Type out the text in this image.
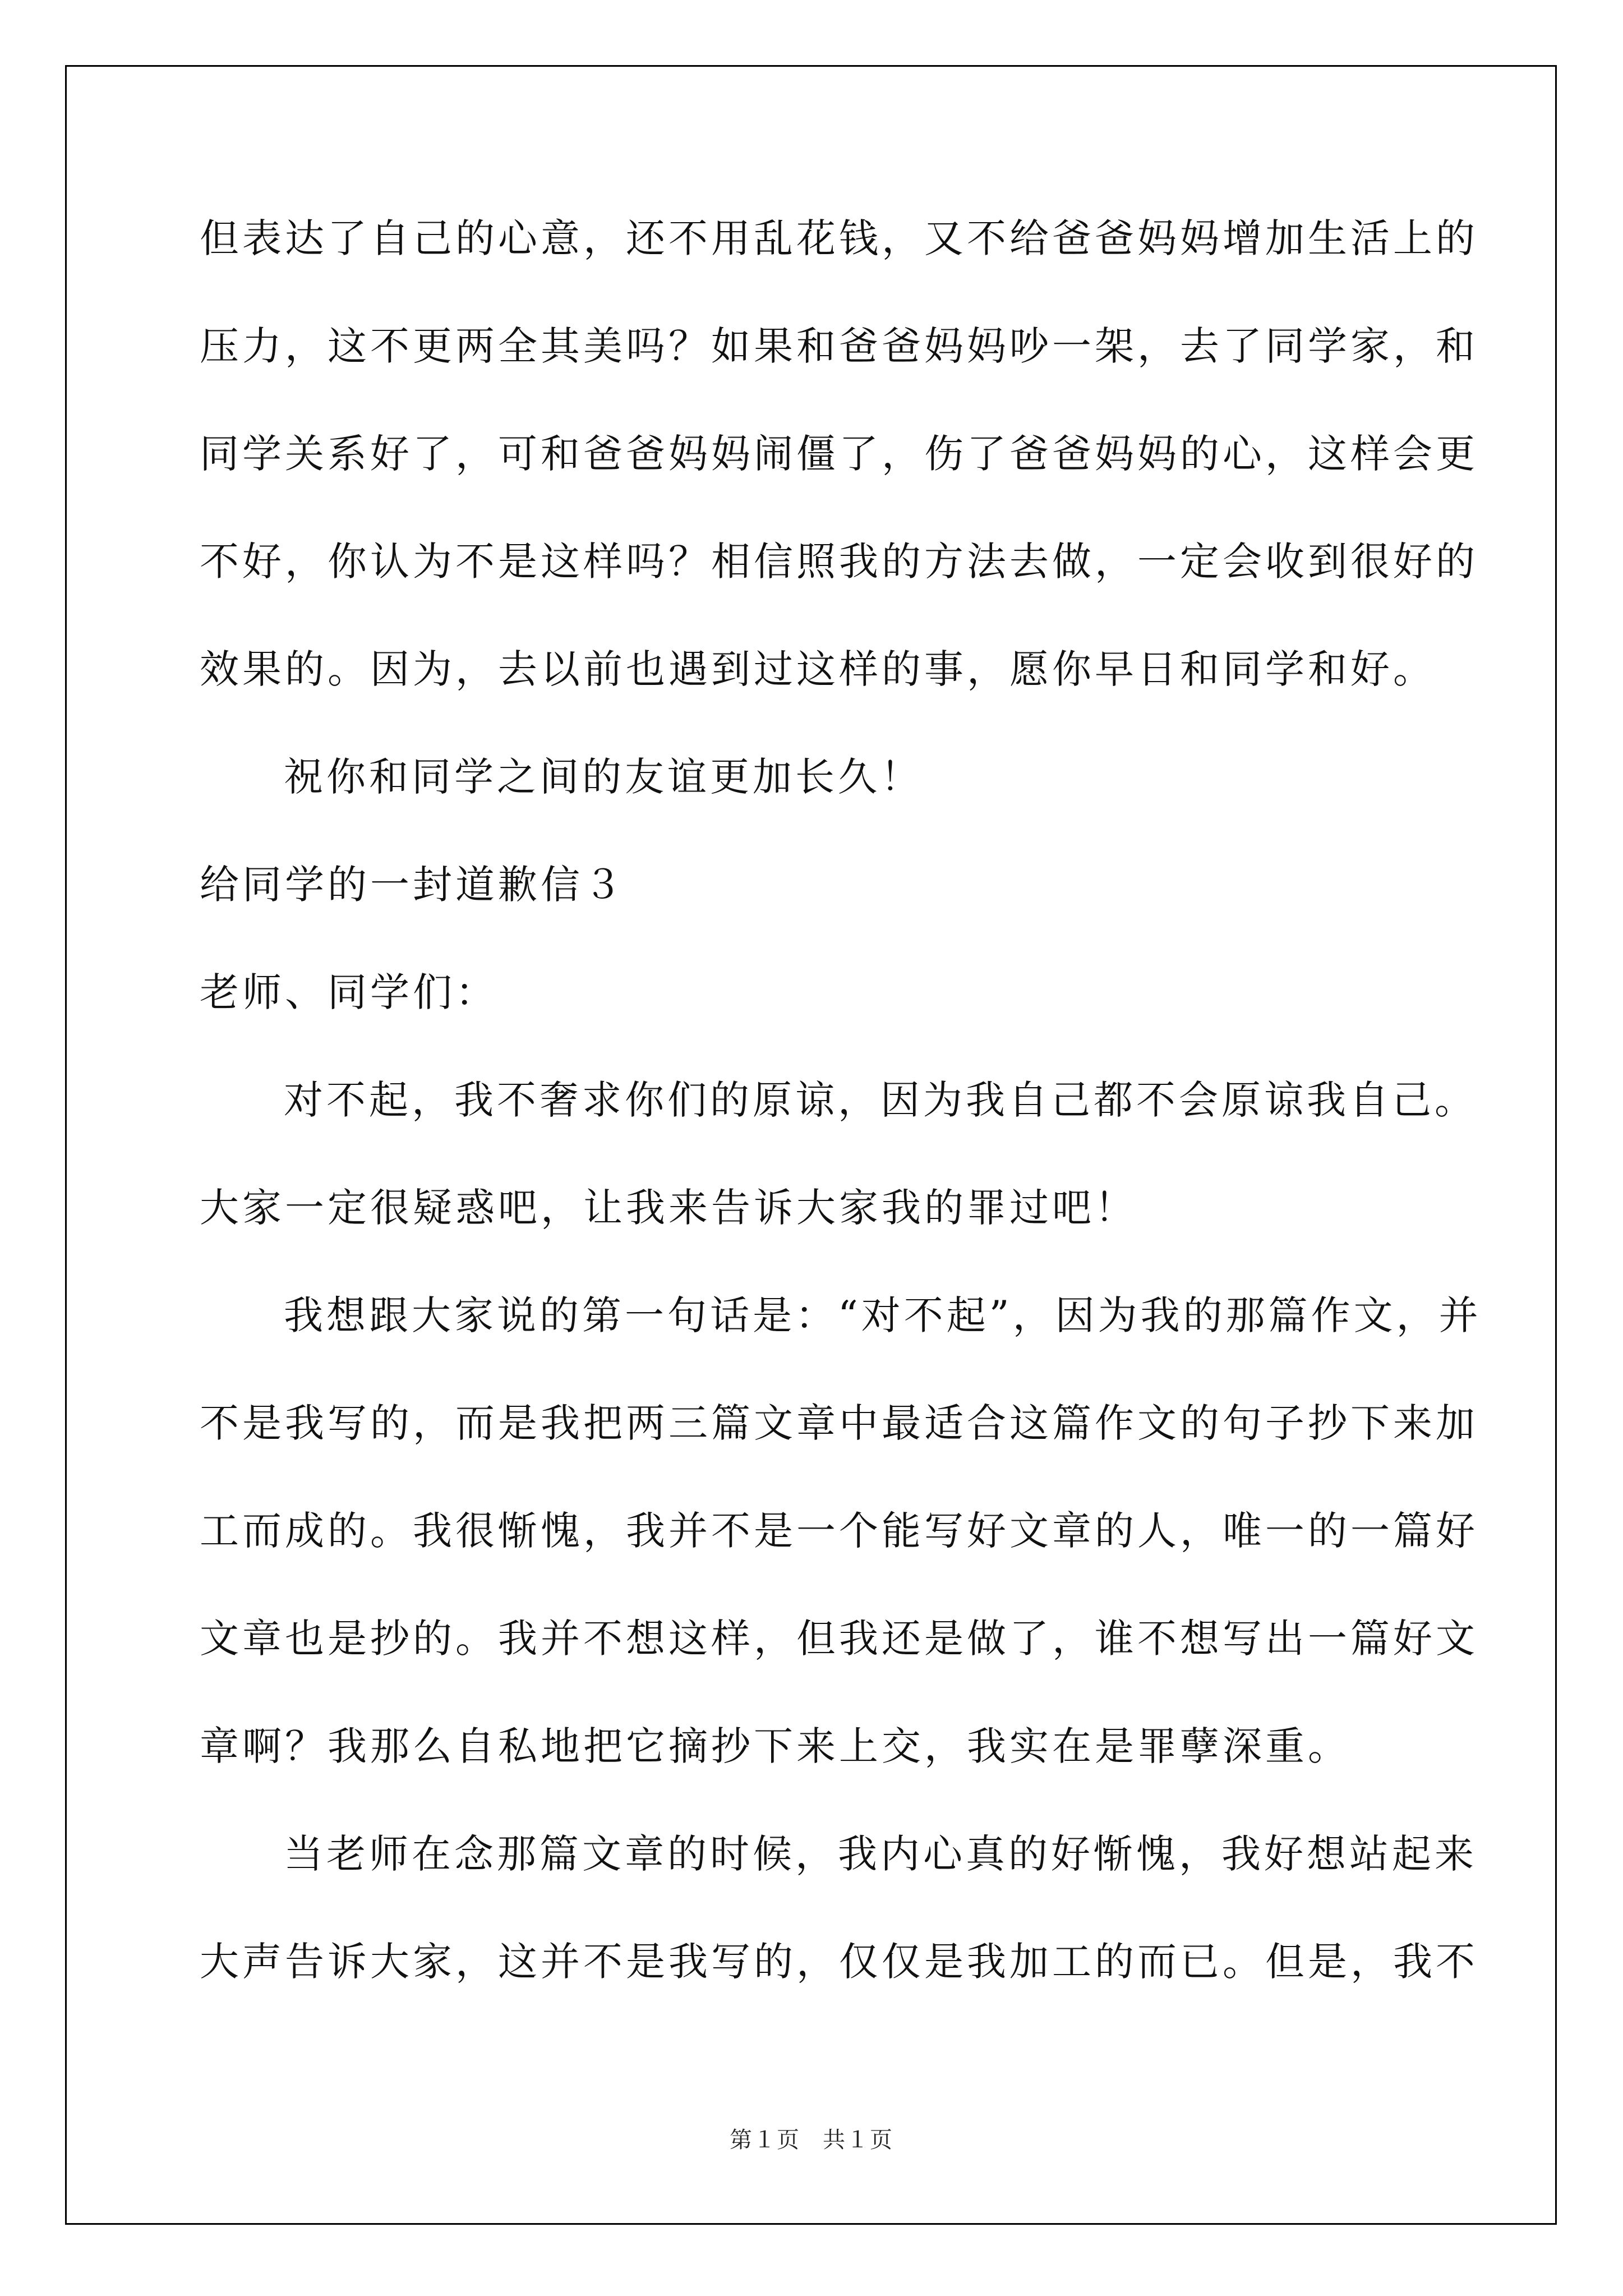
但表达了自己的心意，还不用乱花钱，又不给爸爸妈妈增加生活上的
压力，这不更两全其美吗？如果和爸爸妈妈吵一架，去了同学家，和
同学关系好了，可和爸爸妈妈闹僵了，伤了爸爸妈妈的心，这样会更
不好，你认为不是这样吗？相信照我的方法去做，一定会收到很好的
效果的。因为，去以前也遇到过这样的事，愿你早日和同学和好。
祝你和同学之间的友谊更加长久！
给同学的一封道歉信３
老师、同学们：
对不起，我不奢求你们的原谅，因为我自己都不会原谅我自己。
大家一定很疑惑吧，让我来告诉大家我的罪过吧！
我想跟大家说的第一句话是：“对不起”，因为我的那篇作文，并
不是我写的，而是我把两三篇文章中最适合这篇作文的句子抄下来加
工而成的。我很惭愧，我并不是一个能写好文章的人，唯一的一篇好
文章也是抄的。我并不想这样，但我还是做了，谁不想写出一篇好文
章啊？我那么自私地把它摘抄下来上交，我实在是罪孽深重。
当老师在念那篇文章的时候，我内心真的好惭愧，我好想站起来
大声告诉大家，这并不是我写的，仅仅是我加工的而已。但是，我不
第１页 共１页
